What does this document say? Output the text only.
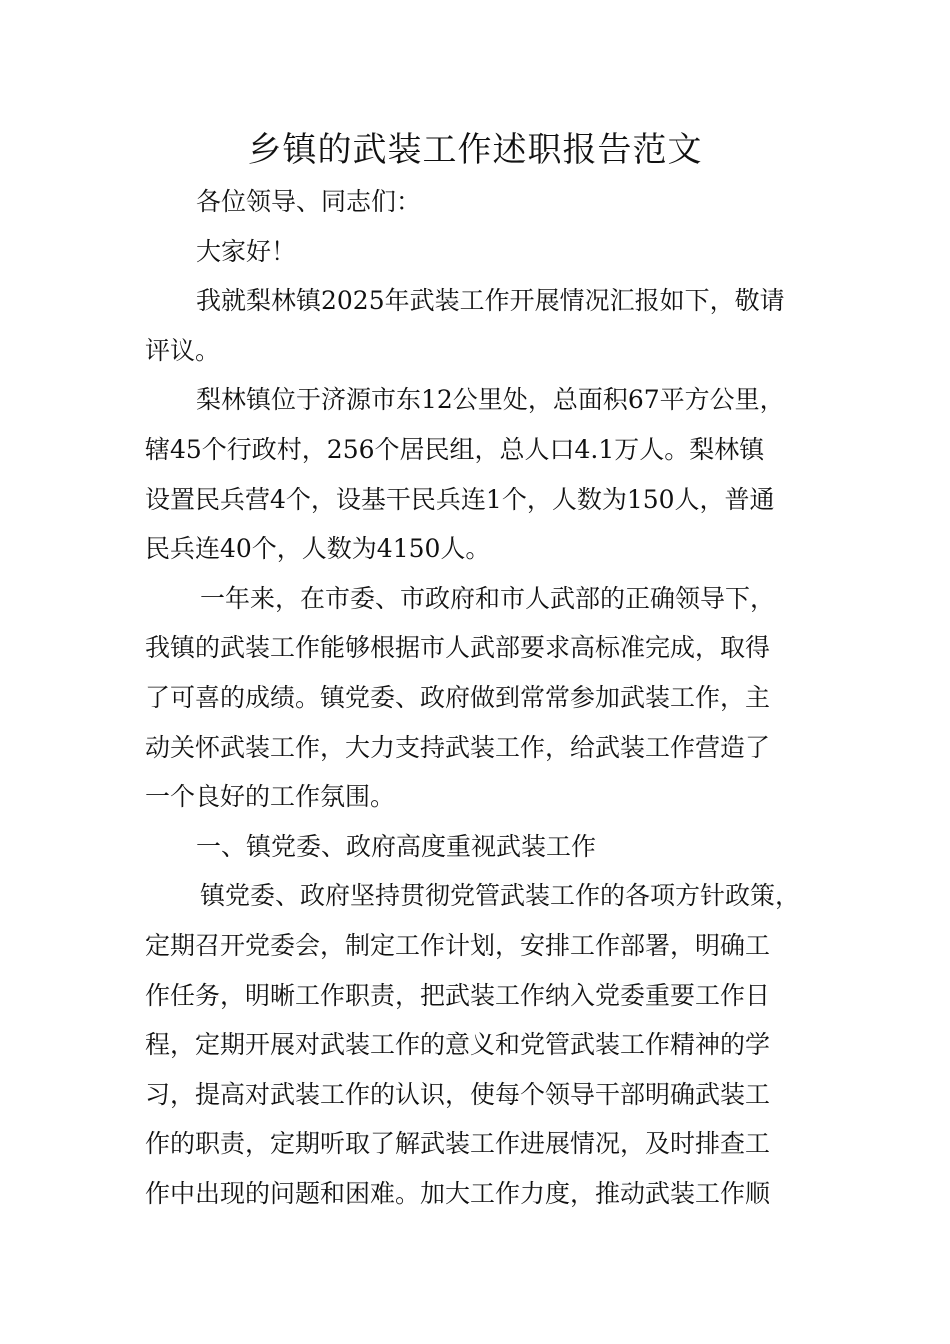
乡镇的武装工作述职报告范文
各位领导、同志们：
大家好！
我就梨林镇2025年武装工作开展情况汇报如下，敬请
评议。
梨林镇位于济源市东12公里处，总面积67平方公里，
辖45个行政村，256个居民组，总人口4.1万人。梨林镇
设置民兵营4个，设基干民兵连1个，人数为150人，普通
民兵连40个，人数为4150人。
一年来，在市委、市政府和市人武部的正确领导下，
我镇的武装工作能够根据市人武部要求高标准完成，取得
了可喜的成绩。镇党委、政府做到常常参加武装工作，主
动关怀武装工作，大力支持武装工作，给武装工作营造了
一个良好的工作氛围。
一、镇党委、政府高度重视武装工作
镇党委、政府坚持贯彻党管武装工作的各项方针政策，
定期召开党委会，制定工作计划，安排工作部署，明确工
作任务，明晰工作职责，把武装工作纳入党委重要工作日
程，定期开展对武装工作的意义和党管武装工作精神的学
习，提高对武装工作的认识，使每个领导干部明确武装工
作的职责，定期听取了解武装工作进展情况，及时排查工
作中出现的问题和困难。加大工作力度，推动武装工作顺
